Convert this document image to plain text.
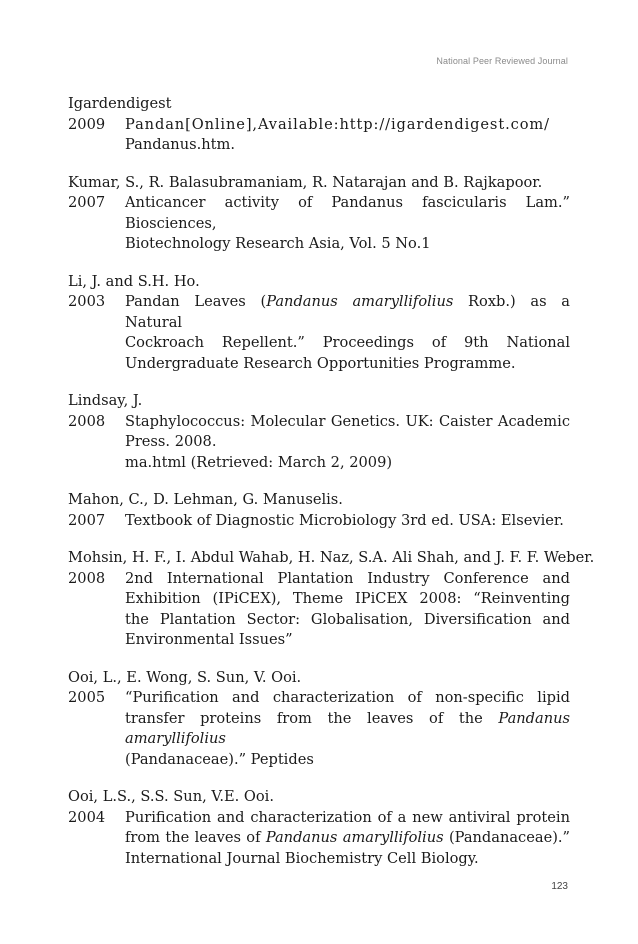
National Peer Reviewed Journal
Igardendigest
2009	Pandan[Online],Available:http://igardendigest.com/
Pandanus.htm.
Kumar, S., R. Balasubramaniam, R. Natarajan and B. Rajkapoor.
2007	Anticancer activity of Pandanus fascicularis Lam.” Biosciences,
Biotechnology Research Asia, Vol. 5 No.1
Li, J. and S.H. Ho.
2003	Pandan Leaves (Pandanus amaryllifolius Roxb.) as a Natural
Cockroach Repellent.” Proceedings of 9th National
Undergraduate Research Opportunities Programme.
Lindsay, J.
2008	Staphylococcus: Molecular Genetics. UK: Caister Academic
Press. 2008.
ma.html (Retrieved: March 2, 2009)
Mahon, C., D. Lehman, G. Manuselis.
2007	Textbook of Diagnostic Microbiology 3rd ed. USA: Elsevier.
Mohsin, H. F., I. Abdul Wahab, H. Naz, S.A. Ali Shah, and J. F. F. Weber.
2008	2nd International Plantation Industry Conference and
Exhibition (IPiCEX), Theme IPiCEX 2008: “Reinventing
the Plantation Sector: Globalisation, Diversification and
Environmental Issues”
Ooi, L., E. Wong, S. Sun, V. Ooi.
2005	“Purification and characterization of non-specific lipid
transfer proteins from the leaves of the Pandanus amaryllifolius
(Pandanaceae).” Peptides
Ooi, L.S., S.S. Sun, V.E. Ooi.
2004	Purification and characterization of a new antiviral protein
from the leaves of Pandanus amaryllifolius (Pandanaceae).”
International Journal Biochemistry Cell Biology.
123
